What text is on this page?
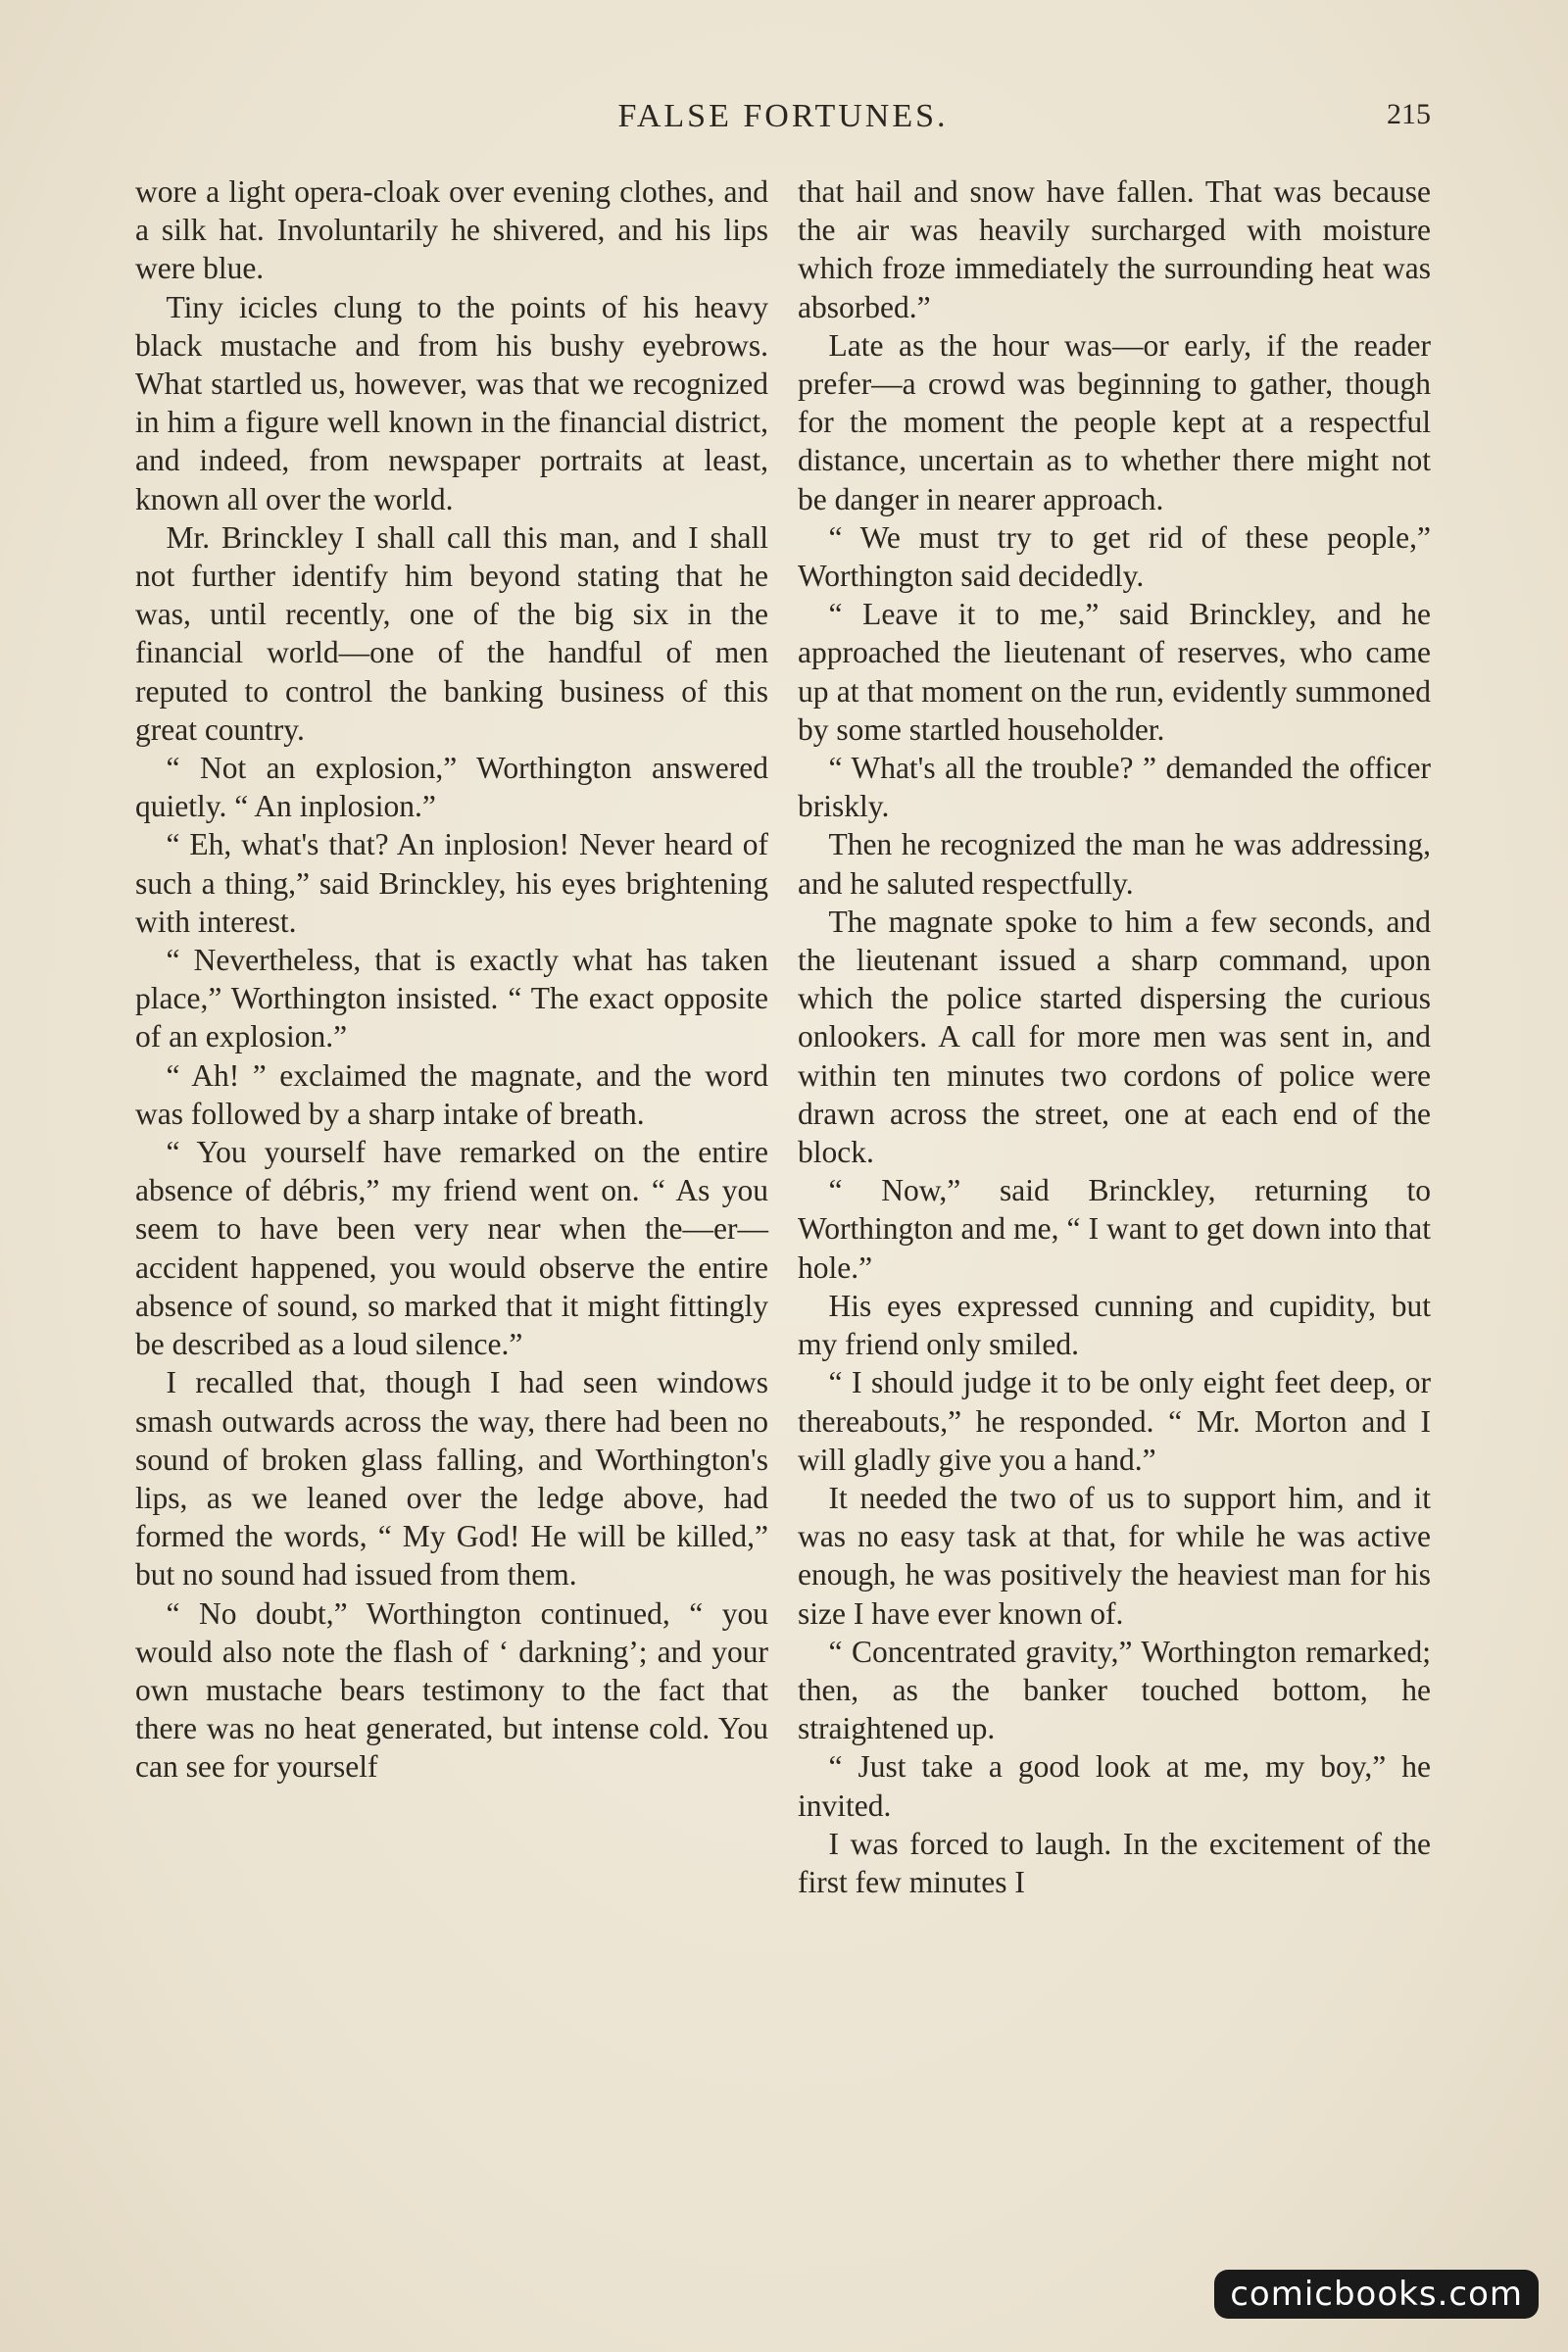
FALSE FORTUNES.	215

wore a light opera-cloak over evening clothes, and a silk hat. Involuntarily he shivered, and his lips were blue.

Tiny icicles clung to the points of his heavy black mustache and from his bushy eyebrows. What startled us, however, was that we recognized in him a figure well known in the financial district, and indeed, from newspaper portraits at least, known all over the world.

Mr. Brinckley I shall call this man, and I shall not further identify him beyond stating that he was, until recently, one of the big six in the financial world—one of the handful of men reputed to control the banking business of this great country.

“ Not an explosion,” Worthington answered quietly. “ An inplosion.”

“ Eh, what's that? An inplosion! Never heard of such a thing,” said Brinckley, his eyes brightening with interest.

“ Nevertheless, that is exactly what has taken place,” Worthington insisted. “ The exact opposite of an explosion.”

“ Ah! ” exclaimed the magnate, and the word was followed by a sharp intake of breath.

“ You yourself have remarked on the entire absence of débris,” my friend went on. “ As you seem to have been very near when the—er—accident happened, you would observe the entire absence of sound, so marked that it might fittingly be described as a loud silence.”

I recalled that, though I had seen windows smash outwards across the way, there had been no sound of broken glass falling, and Worthington's lips, as we leaned over the ledge above, had formed the words, “ My God! He will be killed,” but no sound had issued from them.

“ No doubt,” Worthington continued, “ you would also note the flash of ‘ darkning’; and your own mustache bears testimony to the fact that there was no heat generated, but intense cold. You can see for yourself

that hail and snow have fallen. That was because the air was heavily surcharged with moisture which froze immediately the surrounding heat was absorbed.”

Late as the hour was—or early, if the reader prefer—a crowd was beginning to gather, though for the moment the people kept at a respectful distance, uncertain as to whether there might not be danger in nearer approach.

“ We must try to get rid of these people,” Worthington said decidedly.

“ Leave it to me,” said Brinckley, and he approached the lieutenant of reserves, who came up at that moment on the run, evidently summoned by some startled householder.

“ What's all the trouble? ” demanded the officer briskly.

Then he recognized the man he was addressing, and he saluted respectfully.

The magnate spoke to him a few seconds, and the lieutenant issued a sharp command, upon which the police started dispersing the curious onlookers. A call for more men was sent in, and within ten minutes two cordons of police were drawn across the street, one at each end of the block.

“ Now,” said Brinckley, returning to Worthington and me, “ I want to get down into that hole.”

His eyes expressed cunning and cupidity, but my friend only smiled.

“ I should judge it to be only eight feet deep, or thereabouts,” he responded. “ Mr. Morton and I will gladly give you a hand.”

It needed the two of us to support him, and it was no easy task at that, for while he was active enough, he was positively the heaviest man for his size I have ever known of.

“ Concentrated gravity,” Worthington remarked; then, as the banker touched bottom, he straightened up.

“ Just take a good look at me, my boy,” he invited.

I was forced to laugh. In the excitement of the first few minutes I

comicbooks.com
